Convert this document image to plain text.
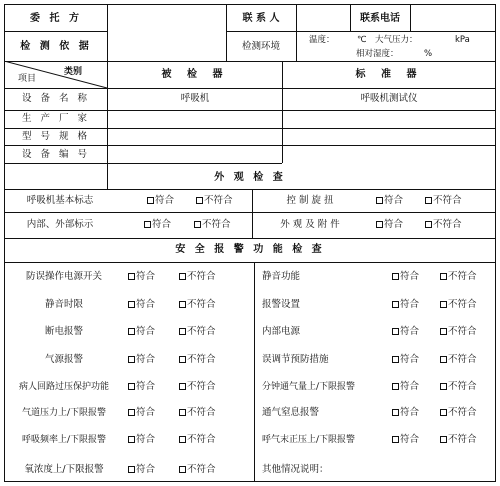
委 托 方
检 测 依 据
联 系 人	联系电话
检测环境
温度：	℃ 大气压力：	kPa
相对湿度：	%
项目
类别	被 检 器	标 准 器
设 备 名 称	呼吸机	呼吸机测试仪
生 产 厂 家
型 号 规 格
设 备 编 号
外 观 检 查
呼吸机基本标志	符合	不符合	控 制 旋 扭	符合	不符合
内部、外部标示	符合	不符合	外 观 及 附 件	符合	不符合
安 全 报 警 功 能 检 查
防误操作电源开关	符合	不符合	静音功能	符合	不符合
静音时限	符合	不符合	报警设置	符合	不符合
断电报警	符合	不符合	内部电源	符合	不符合
气源报警	符合	不符合	误调节预防措施	符合	不符合
病人回路过压保护功能	符合	不符合	分钟通气量上/下限报警	符合	不符合
气道压力上/下限报警	符合	不符合	通气窒息报警	符合	不符合
呼吸频率上/下限报警	符合	不符合	呼气末正压上/下限报警	符合	不符合
氧浓度上/下限报警	符合	不符合	其他情况说明：
